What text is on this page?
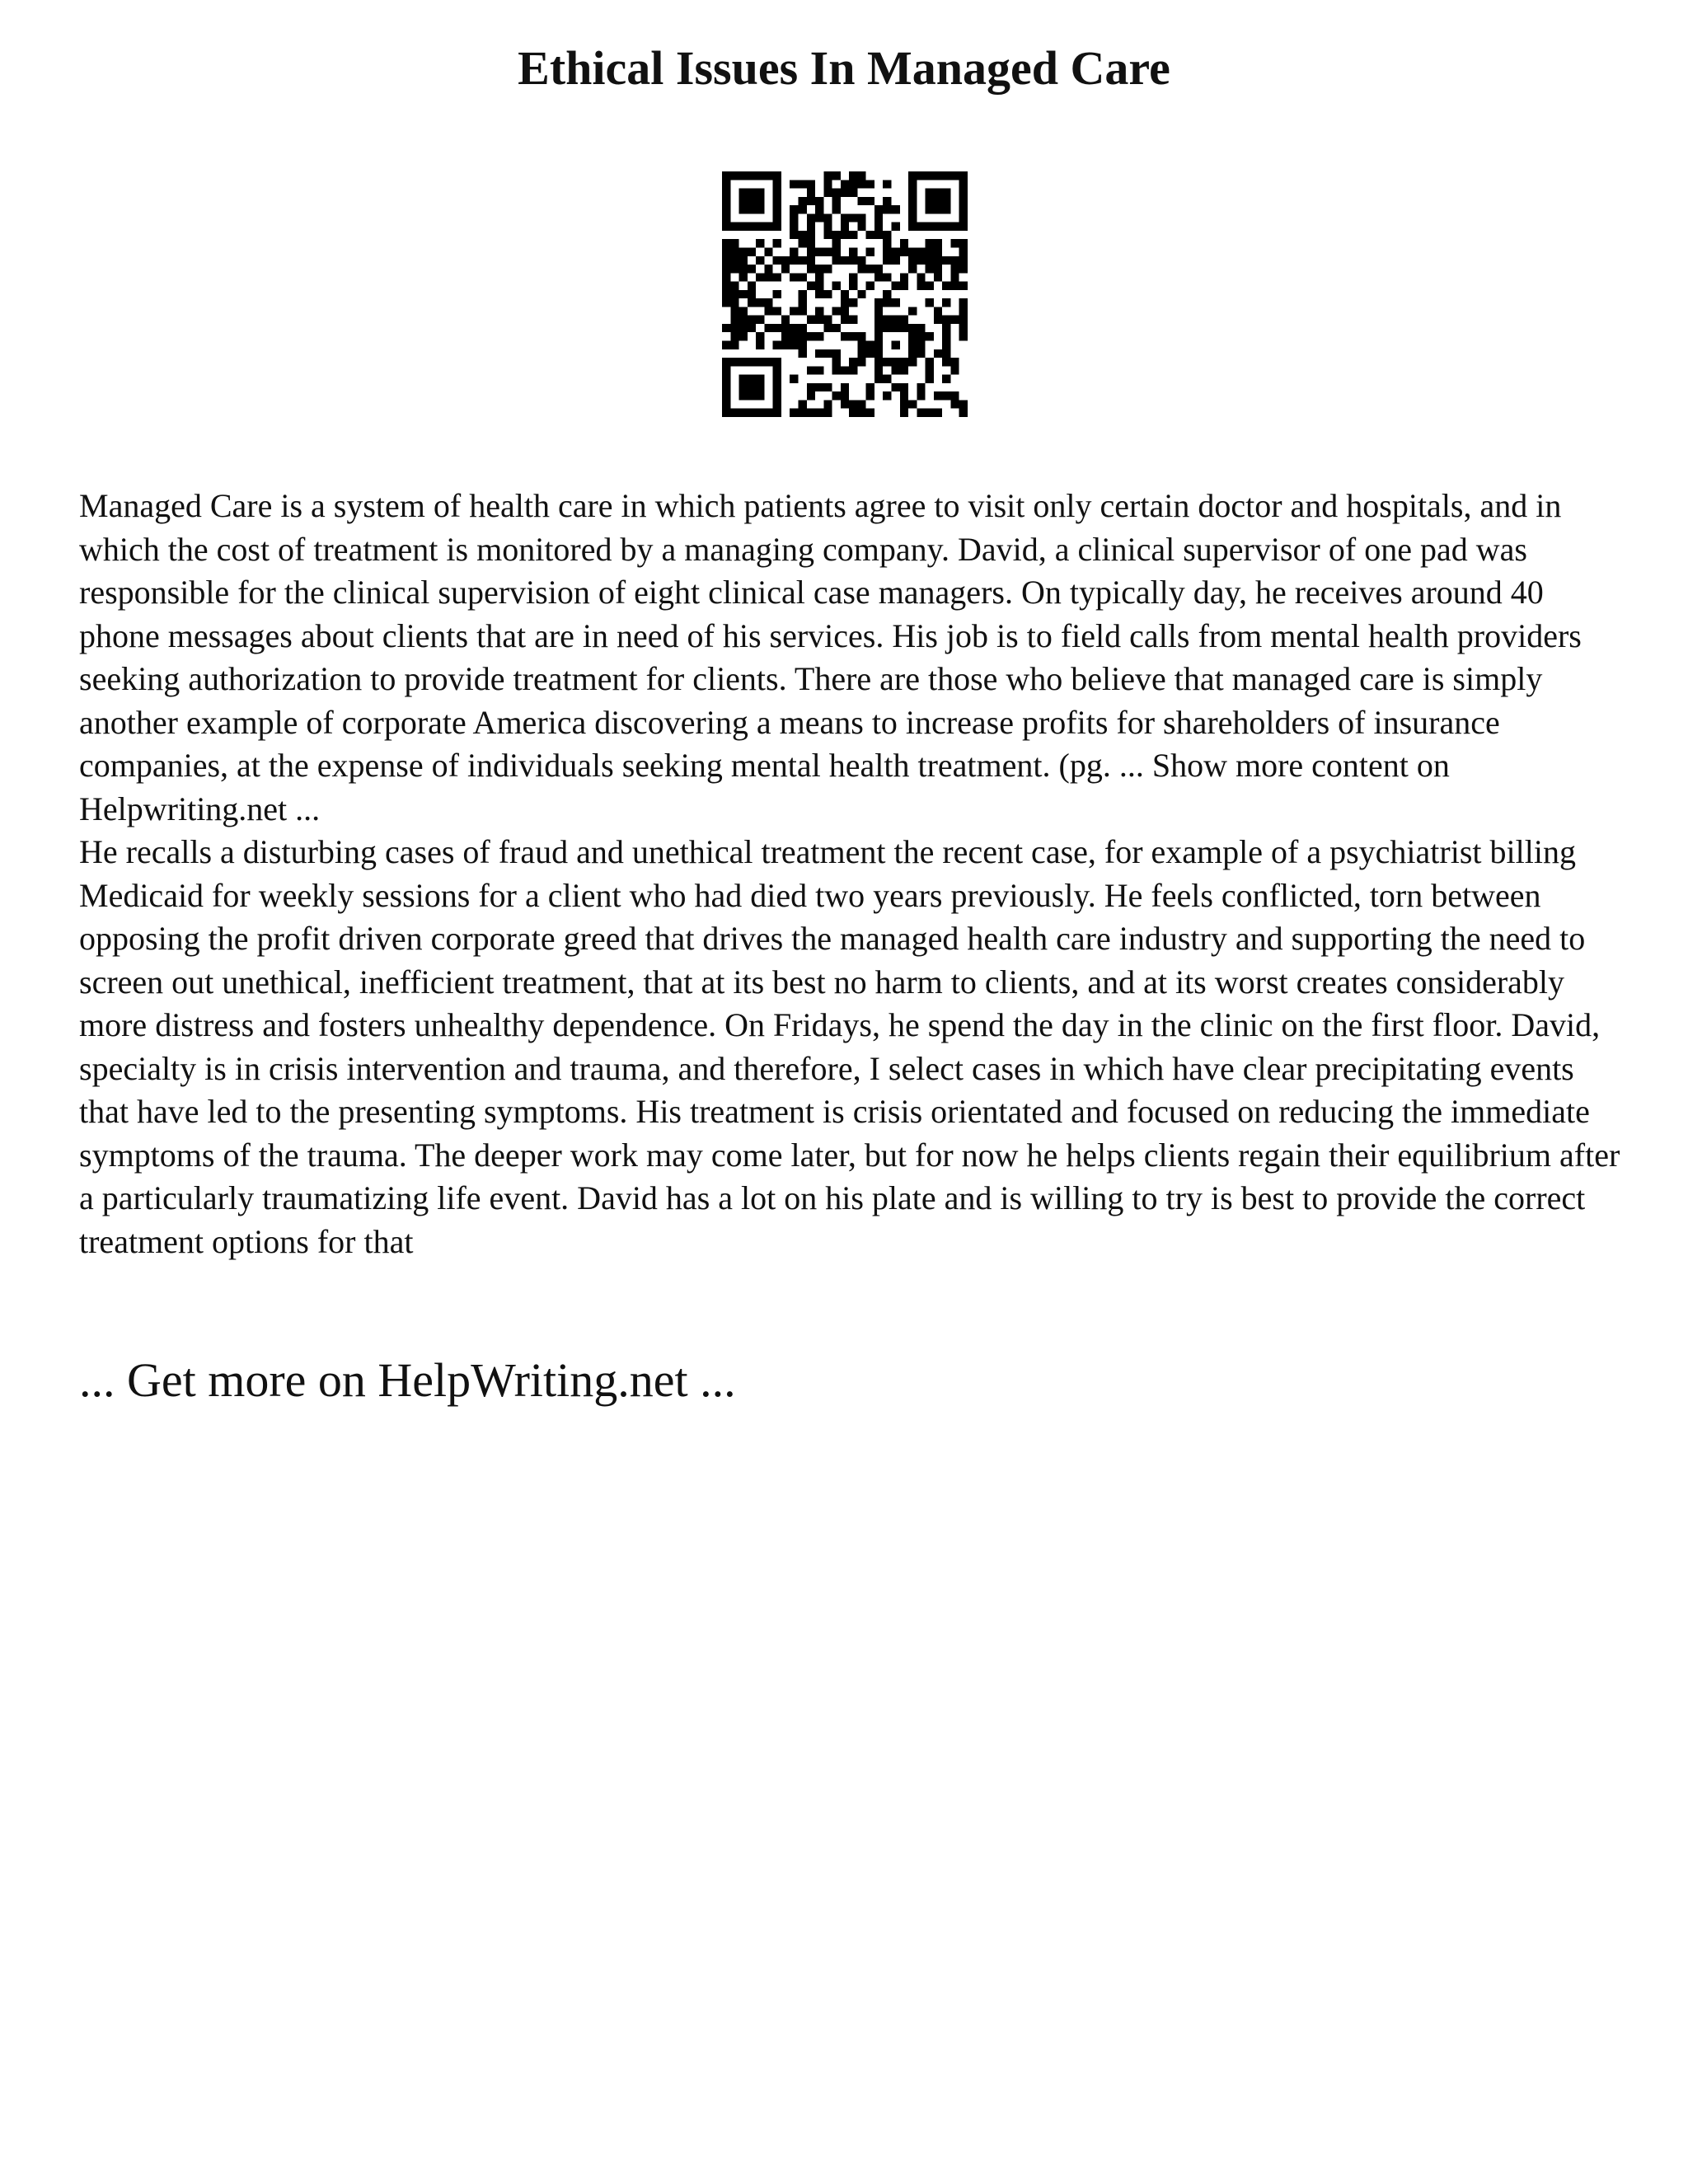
Ethical Issues In Managed Care

Managed Care is a system of health care in which patients agree to visit only certain doctor and hospitals, and in which the cost of treatment is monitored by a managing company. David, a clinical supervisor of one pad was responsible for the clinical supervision of eight clinical case managers. On typically day, he receives around 40 phone messages about clients that are in need of his services. His job is to field calls from mental health providers seeking authorization to provide treatment for clients. There are those who believe that managed care is simply another example of corporate America discovering a means to increase profits for shareholders of insurance companies, at the expense of individuals seeking mental health treatment. (pg. ... Show more content on Helpwriting.net ...

He recalls a disturbing cases of fraud and unethical treatment the recent case, for example of a psychiatrist billing Medicaid for weekly sessions for a client who had died two years previously. He feels conflicted, torn between opposing the profit driven corporate greed that drives the managed health care industry and supporting the need to screen out unethical, inefficient treatment, that at its best no harm to clients, and at its worst creates considerably more distress and fosters unhealthy dependence. On Fridays, he spend the day in the clinic on the first floor. David, specialty is in crisis intervention and trauma, and therefore, I select cases in which have clear precipitating events that have led to the presenting symptoms. His treatment is crisis orientated and focused on reducing the immediate symptoms of the trauma. The deeper work may come later, but for now he helps clients regain their equilibrium after a particularly traumatizing life event. David has a lot on his plate and is willing to try is best to provide the correct treatment options for that

... Get more on HelpWriting.net ...
